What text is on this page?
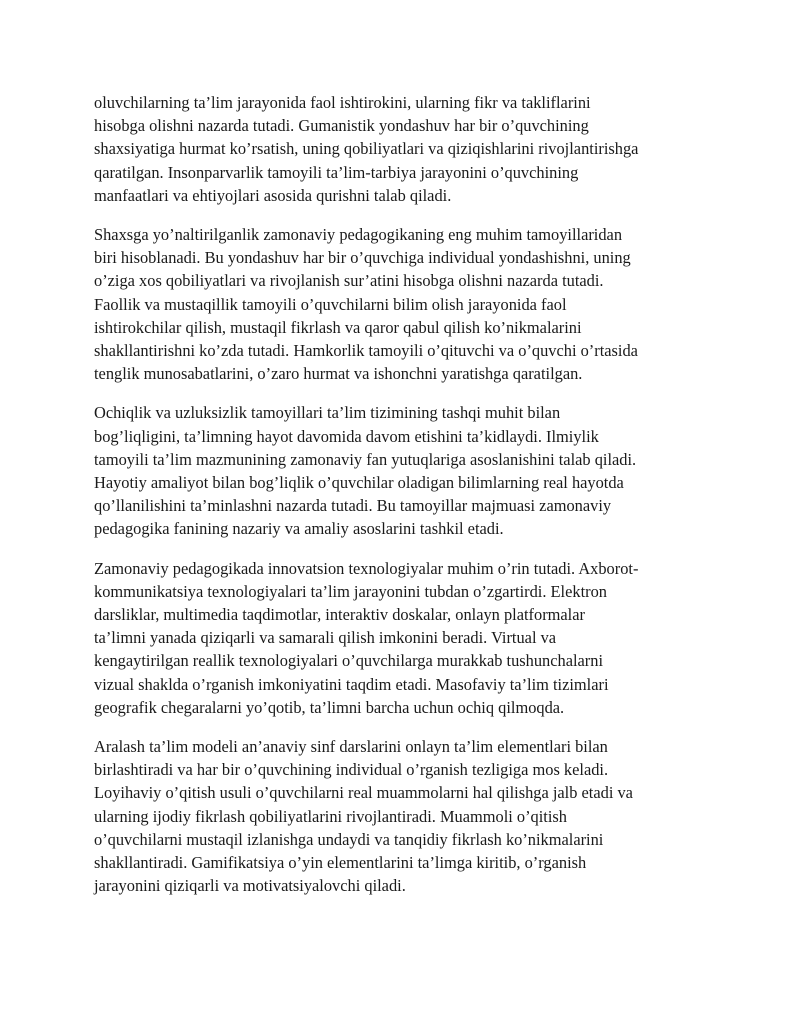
oluvchilarning ta’lim jarayonida faol ishtirokini, ularning fikr va takliflarini
hisobga olishni nazarda tutadi. Gumanistik yondashuv har bir o’quvchining
shaxsiyatiga hurmat ko’rsatish, uning qobiliyatlari va qiziqishlarini rivojlantirishga
qaratilgan. Insonparvarlik tamoyili ta’lim-tarbiya jarayonini o’quvchining
manfaatlari va ehtiyojlari asosida qurishni talab qiladi.

Shaxsga yo’naltirilganlik zamonaviy pedagogikaning eng muhim tamoyillaridan
biri hisoblanadi. Bu yondashuv har bir o’quvchiga individual yondashishni, uning
o’ziga xos qobiliyatlari va rivojlanish sur’atini hisobga olishni nazarda tutadi.
Faollik va mustaqillik tamoyili o’quvchilarni bilim olish jarayonida faol
ishtirokchilar qilish, mustaqil fikrlash va qaror qabul qilish ko’nikmalarini
shakllantirishni ko’zda tutadi. Hamkorlik tamoyili o’qituvchi va o’quvchi o’rtasida
tenglik munosabatlarini, o’zaro hurmat va ishonchni yaratishga qaratilgan.

Ochiqlik va uzluksizlik tamoyillari ta’lim tizimining tashqi muhit bilan
bog’liqligini, ta’limning hayot davomida davom etishini ta’kidlaydi. Ilmiylik
tamoyili ta’lim mazmunining zamonaviy fan yutuqlariga asoslanishini talab qiladi.
Hayotiy amaliyot bilan bog’liqlik o’quvchilar oladigan bilimlarning real hayotda
qo’llanilishini ta’minlashni nazarda tutadi. Bu tamoyillar majmuasi zamonaviy
pedagogika fanining nazariy va amaliy asoslarini tashkil etadi.

Zamonaviy pedagogikada innovatsion texnologiyalar muhim o’rin tutadi. Axborot-
kommunikatsiya texnologiyalari ta’lim jarayonini tubdan o’zgartirdi. Elektron
darsliklar, multimedia taqdimotlar, interaktiv doskalar, onlayn platformalar
ta’limni yanada qiziqarli va samarali qilish imkonini beradi. Virtual va
kengaytirilgan reallik texnologiyalari o’quvchilarga murakkab tushunchalarni
vizual shaklda o’rganish imkoniyatini taqdim etadi. Masofaviy ta’lim tizimlari
geografik chegaralarni yo’qotib, ta’limni barcha uchun ochiq qilmoqda.

Aralash ta’lim modeli an’anaviy sinf darslarini onlayn ta’lim elementlari bilan
birlashtiradi va har bir o’quvchining individual o’rganish tezligiga mos keladi.
Loyihaviy o’qitish usuli o’quvchilarni real muammolarni hal qilishga jalb etadi va
ularning ijodiy fikrlash qobiliyatlarini rivojlantiradi. Muammoli o’qitish
o’quvchilarni mustaqil izlanishga undaydi va tanqidiy fikrlash ko’nikmalarini
shakllantiradi. Gamifikatsiya o’yin elementlarini ta’limga kiritib, o’rganish
jarayonini qiziqarli va motivatsiyalovchi qiladi.
